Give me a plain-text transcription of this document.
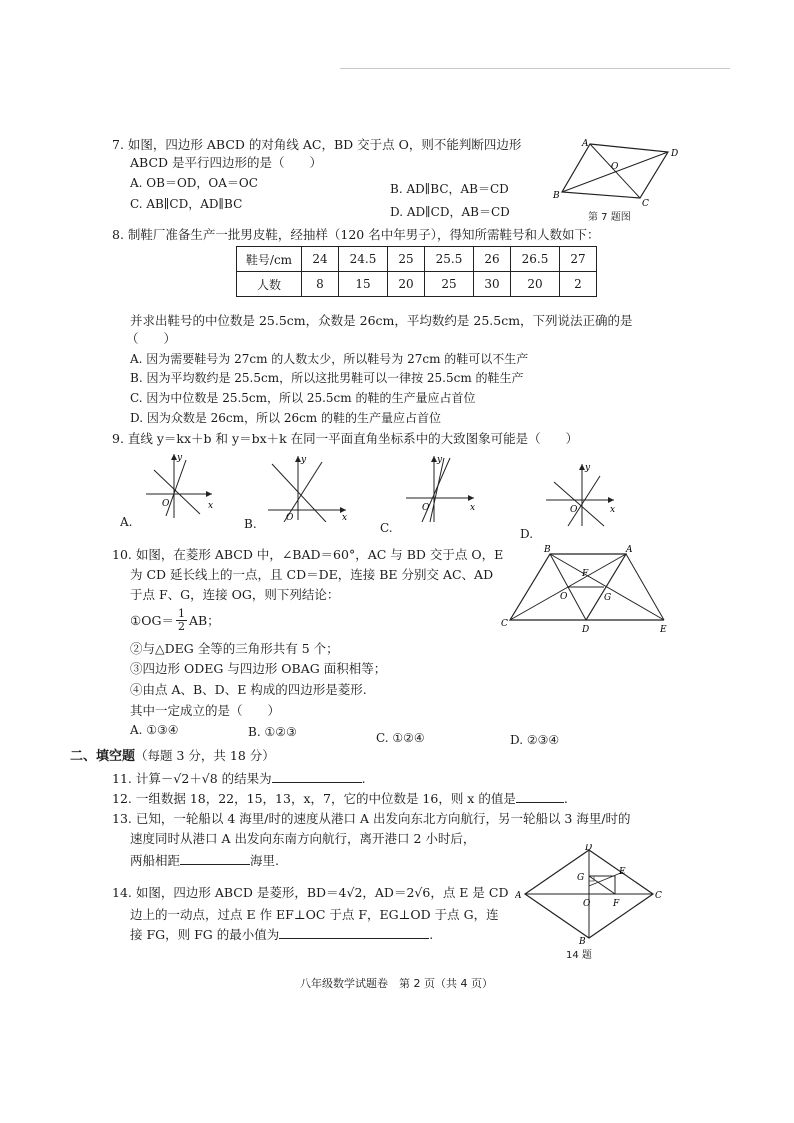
7. 如图，四边形 ABCD 的对角线 AC，BD 交于点 O，则不能判断四边形
ABCD 是平行四边形的是（　　）
A. OB＝OD，OA＝OC	B. AD∥BC，AB＝CD
C. AB∥CD，AD∥BC
D. AD∥CD，AB＝CD
A
D
O
B
C
第 7 题图
8. 制鞋厂准备生产一批男皮鞋，经抽样（120 名中年男子），得知所需鞋号和人数如下：
鞋号/cm	24	24.5	25	25.5	26	26.5	27
人数	8	15	20	25	30	20	2
并求出鞋号的中位数是 25.5cm，众数是 26cm，平均数约是 25.5cm，下列说法正确的是
（　　）
A. 因为需要鞋号为 27cm 的人数太少，所以鞋号为 27cm 的鞋可以不生产
B. 因为平均数约是 25.5cm，所以这批男鞋可以一律按 25.5cm 的鞋生产
C. 因为中位数是 25.5cm，所以 25.5cm 的鞋的生产量应占首位
D. 因为众数是 26cm，所以 26cm 的鞋的生产量应占首位
9. 直线 y＝kx＋b 和 y＝bx＋k 在同一平面直角坐标系中的大致图象可能是（　　）
y
x
O
A.
y
x
O
B.
y
x
O
C.
y
x
O
D.
10. 如图，在菱形 ABCD 中，∠BAD＝60°，AC 与 BD 交于点 O，E
为 CD 延长线上的一点，且 CD＝DE，连接 BE 分别交 AC、AD
于点 F、G，连接 OG，则下列结论：
①OG＝ 1
2 AB；
②与△DEG 全等的三角形共有 5 个；
③四边形 ODEG 与四边形 OBAG 面积相等；
④由点 A、B、D、E 构成的四边形是菱形.
其中一定成立的是（　　）
A. ①③④	B. ①②③	C. ①②④	D. ②③④
B	A
F
O	G
C
D	E
二、填空题（每题 3 分，共 18 分）
11. 计算－√2＋√8 的结果为	.
12. 一组数据 18，22，15，13，x，7，它的中位数是 16，则 x 的值是	.
13. 已知，一轮船以 4 海里/时的速度从港口 A 出发向东北方向航行，另一轮船以 3 海里/时的
速度同时从港口 A 出发向东南方向航行，离开港口 2 小时后，
两船相距	海里.
14. 如图，四边形 ABCD 是菱形，BD＝4√2，AD＝2√6，点 E 是 CD
边上的一动点，过点 E 作 EF⊥OC 于点 F，EG⊥OD 于点 G，连
接 FG，则 FG 的最小值为	.
D
G
E
A
O	F
C
B
14 题
八年级数学试题卷　第 2 页（共 4 页）
